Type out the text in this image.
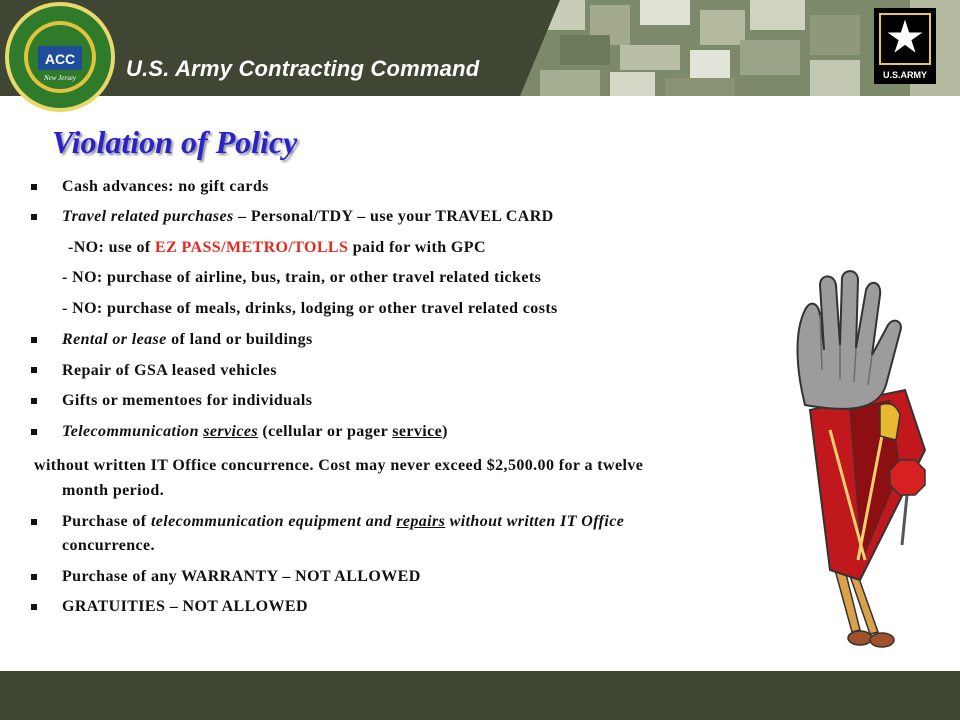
U.S. Army Contracting Command	U.S.ARMY
ACC
New Jersey
Violation of Policy
Cash advances: no gift cards
Travel related purchases – Personal/TDY – use your TRAVEL CARD
-NO: use of EZ PASS/METRO/TOLLS paid for with GPC
- NO: purchase of airline, bus, train, or other travel related tickets
- NO: purchase of meals, drinks, lodging or other travel related costs
Rental or lease of land or buildings
Repair of GSA leased vehicles
Gifts or mementoes for individuals
Telecommunication services (cellular or pager service)
without written IT Office concurrence. Cost may never exceed $2,500.00 for a twelve
month period.
Purchase of telecommunication equipment and repairs without written IT Office
concurrence.
Purchase of any WARRANTY – NOT ALLOWED
GRATUITIES – NOT ALLOWED
